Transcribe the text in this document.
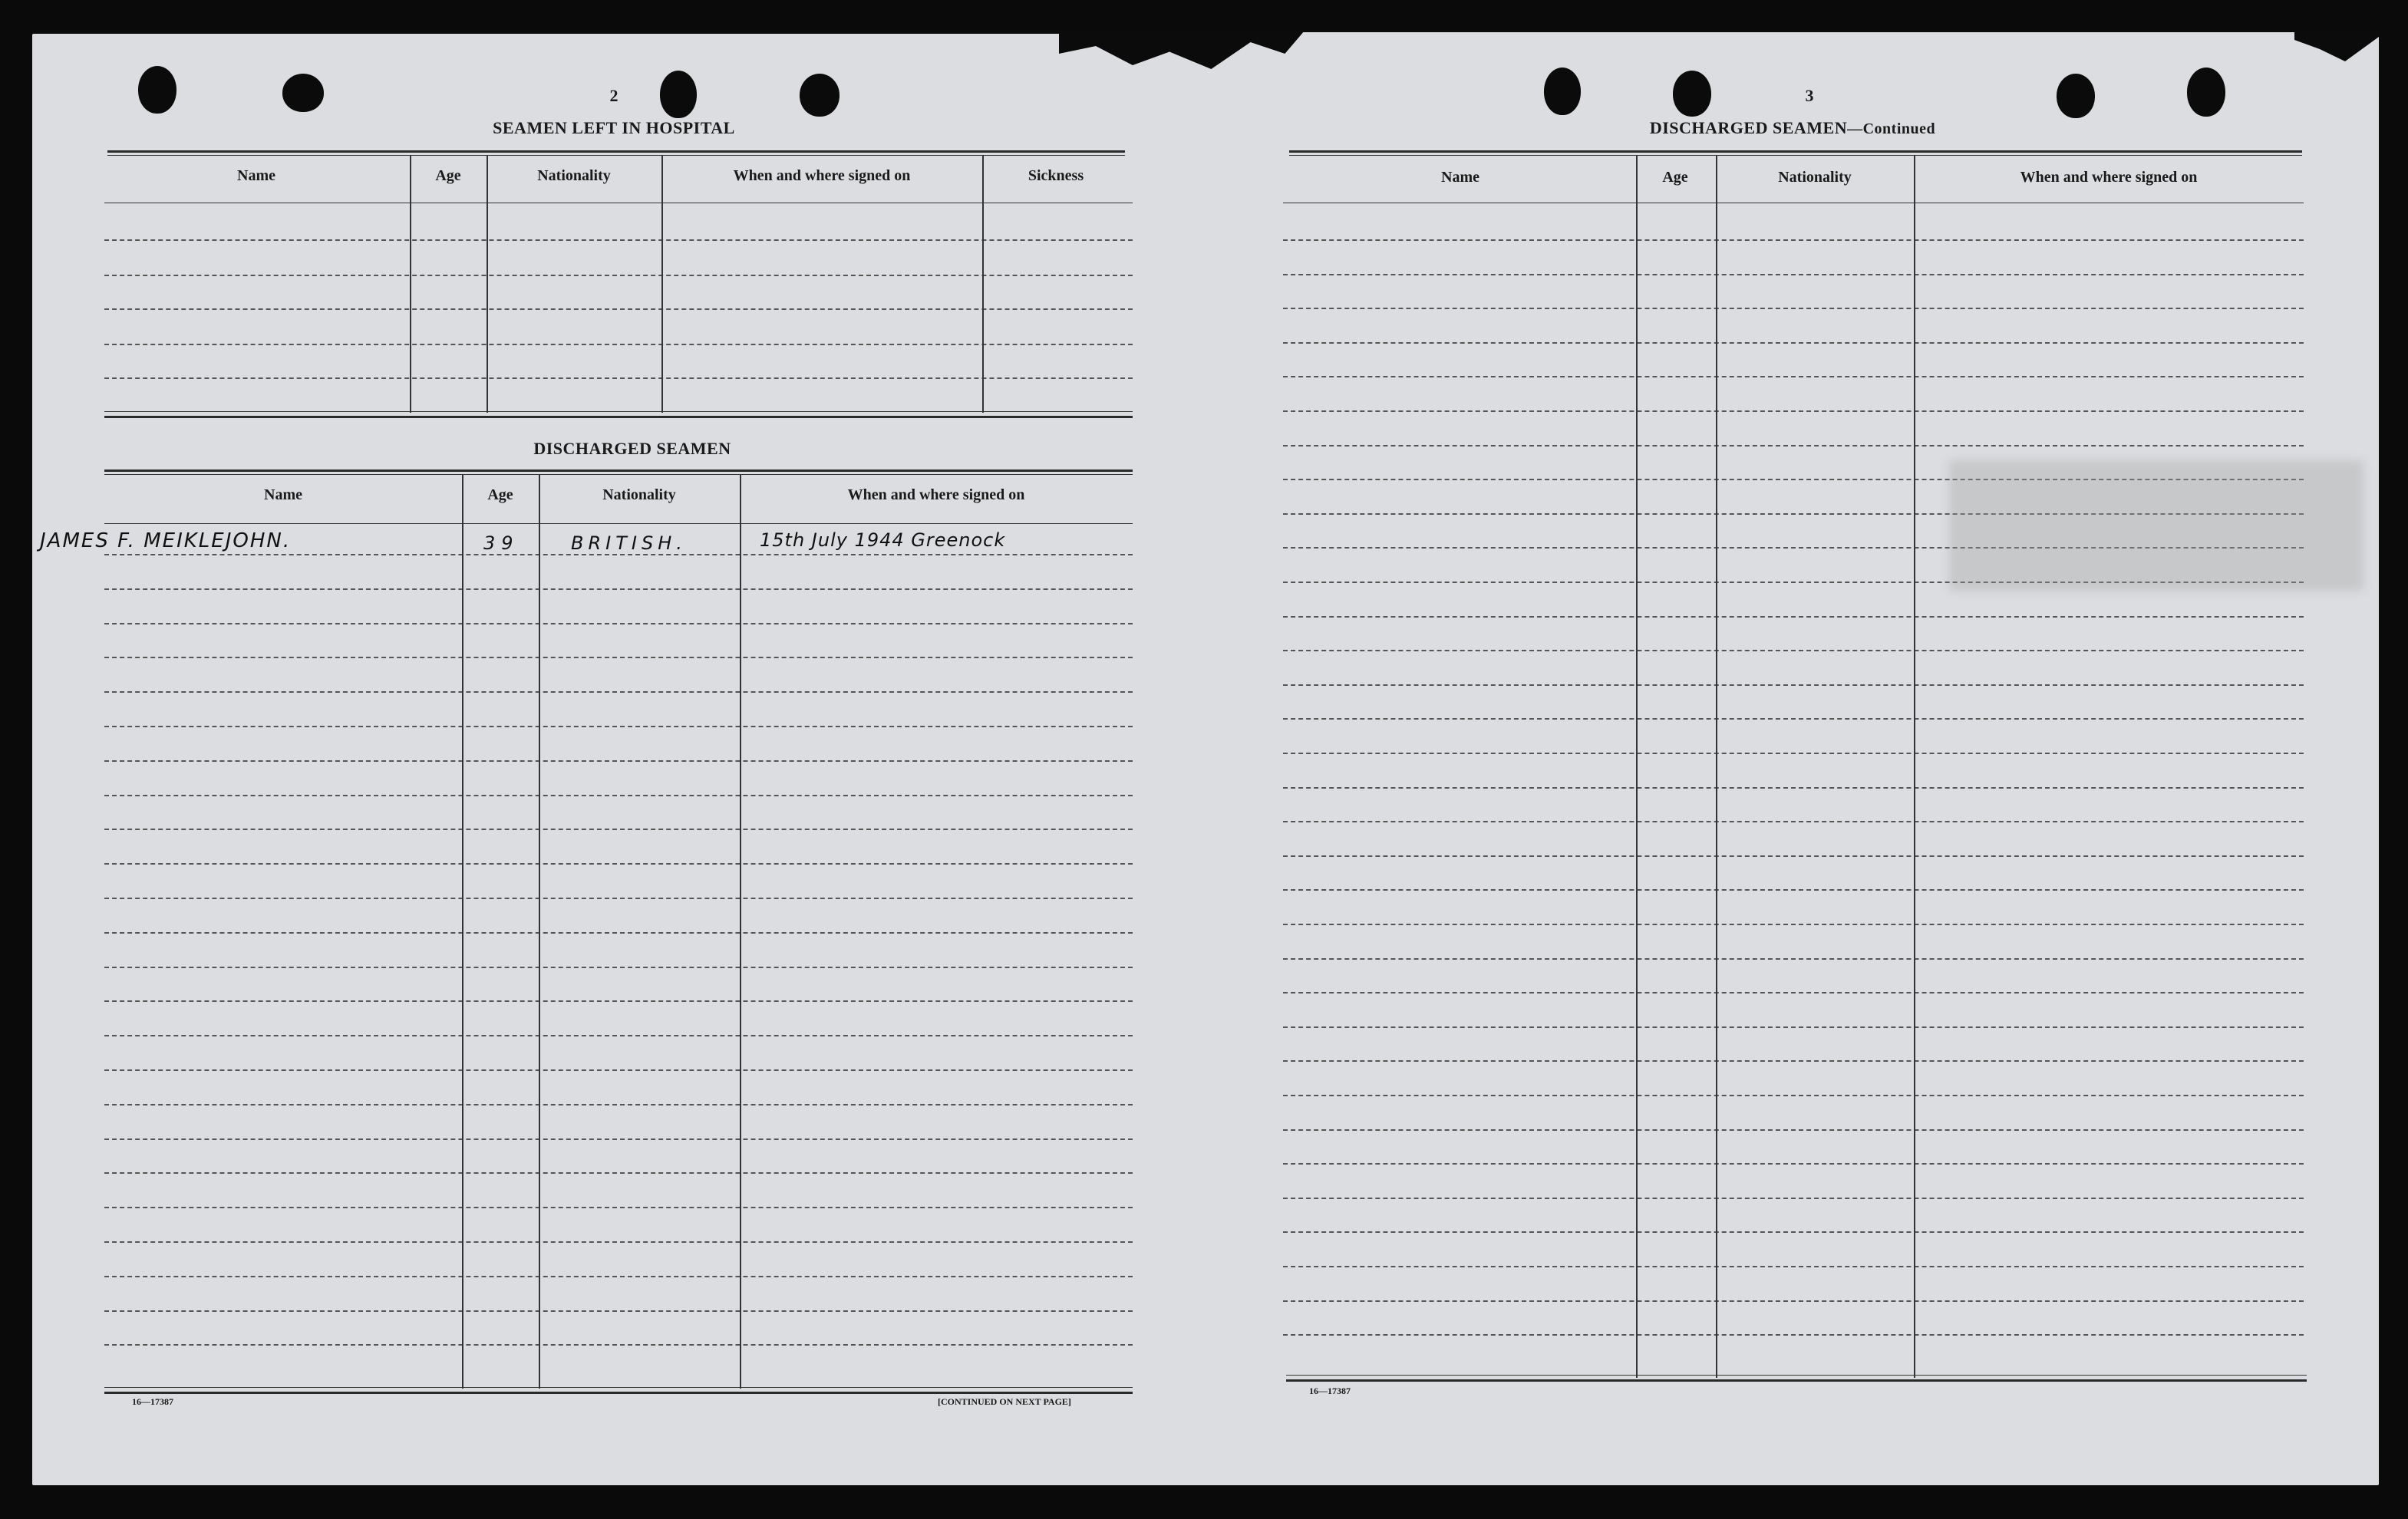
2
SEAMEN LEFT IN HOSPITAL
Name	Age	Nationality	When and where signed on	Sickness
DISCHARGED SEAMEN
Name	Age	Nationality	When and where signed on
JAMES F. MEIKLEJOHN.	39	BRITISH.	15th July 1944 Greenock
16—17387	[CONTINUED ON NEXT PAGE]
3
DISCHARGED SEAMEN—Continued
Name	Age	Nationality	When and where signed on
16—17387
